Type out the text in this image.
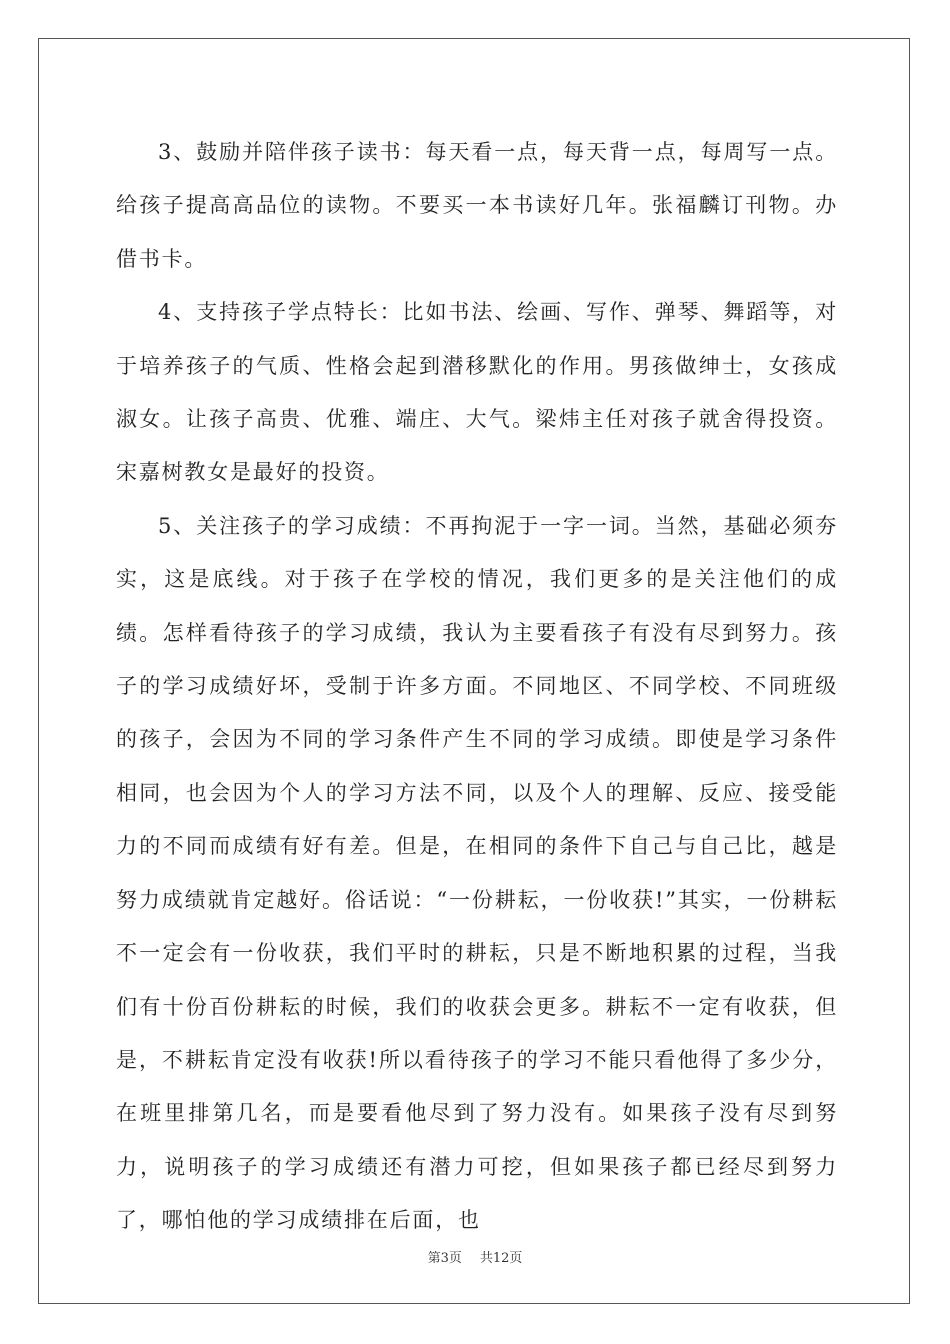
3、鼓励并陪伴孩子读书：每天看一点，每天背一点，每周写一点。给孩子提高高品位的读物。不要买一本书读好几年。张福麟订刊物。办借书卡。

4、支持孩子学点特长：比如书法、绘画、写作、弹琴、舞蹈等，对于培养孩子的气质、性格会起到潜移默化的作用。男孩做绅士，女孩成淑女。让孩子高贵、优雅、端庄、大气。梁炜主任对孩子就舍得投资。宋嘉树教女是最好的投资。

5、关注孩子的学习成绩：不再拘泥于一字一词。当然，基础必须夯实，这是底线。对于孩子在学校的情况，我们更多的是关注他们的成绩。怎样看待孩子的学习成绩，我认为主要看孩子有没有尽到努力。孩子的学习成绩好坏，受制于许多方面。不同地区、不同学校、不同班级的孩子，会因为不同的学习条件产生不同的学习成绩。即使是学习条件相同，也会因为个人的学习方法不同，以及个人的理解、反应、接受能力的不同而成绩有好有差。但是，在相同的条件下自己与自己比，越是努力成绩就肯定越好。俗话说：“一份耕耘，一份收获!”其实，一份耕耘不一定会有一份收获，我们平时的耕耘，只是不断地积累的过程，当我们有十份百份耕耘的时候，我们的收获会更多。耕耘不一定有收获，但是，不耕耘肯定没有收获!所以看待孩子的学习不能只看他得了多少分，在班里排第几名，而是要看他尽到了努力没有。如果孩子没有尽到努力，说明孩子的学习成绩还有潜力可挖，但如果孩子都已经尽到努力了，哪怕他的学习成绩排在后面，也

第3页 共12页
